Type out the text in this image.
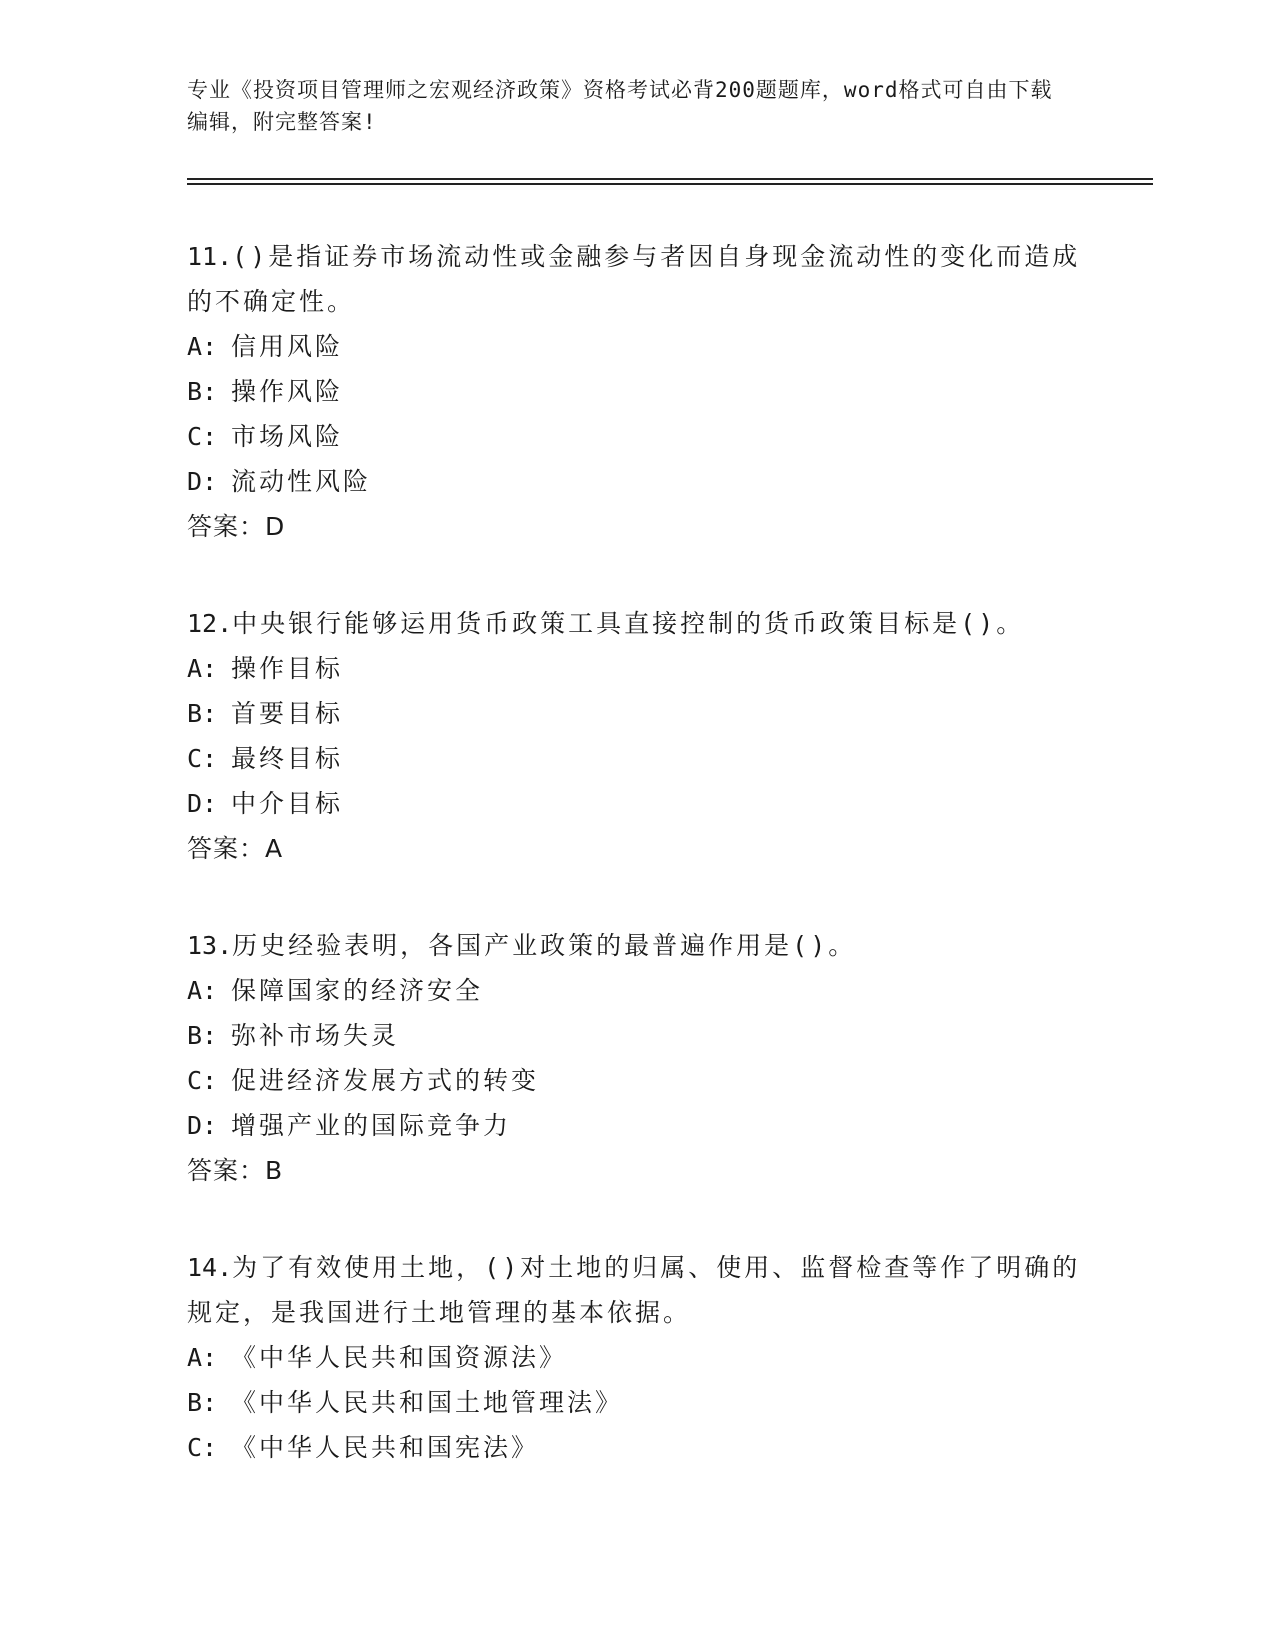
专业《投资项目管理师之宏观经济政策》资格考试必背200题题库，word格式可自由下载编辑，附完整答案!
11.()是指证券市场流动性或金融参与者因自身现金流动性的变化而造成的不确定性。
A: 信用风险
B: 操作风险
C: 市场风险
D: 流动性风险
答案：D
12.中央银行能够运用货币政策工具直接控制的货币政策目标是()。
A: 操作目标
B: 首要目标
C: 最终目标
D: 中介目标
答案：A
13.历史经验表明，各国产业政策的最普遍作用是()。
A: 保障国家的经济安全
B: 弥补市场失灵
C: 促进经济发展方式的转变
D: 增强产业的国际竞争力
答案：B
14.为了有效使用土地，()对土地的归属、使用、监督检查等作了明确的规定，是我国进行土地管理的基本依据。
A: 《中华人民共和国资源法》
B: 《中华人民共和国土地管理法》
C: 《中华人民共和国宪法》
